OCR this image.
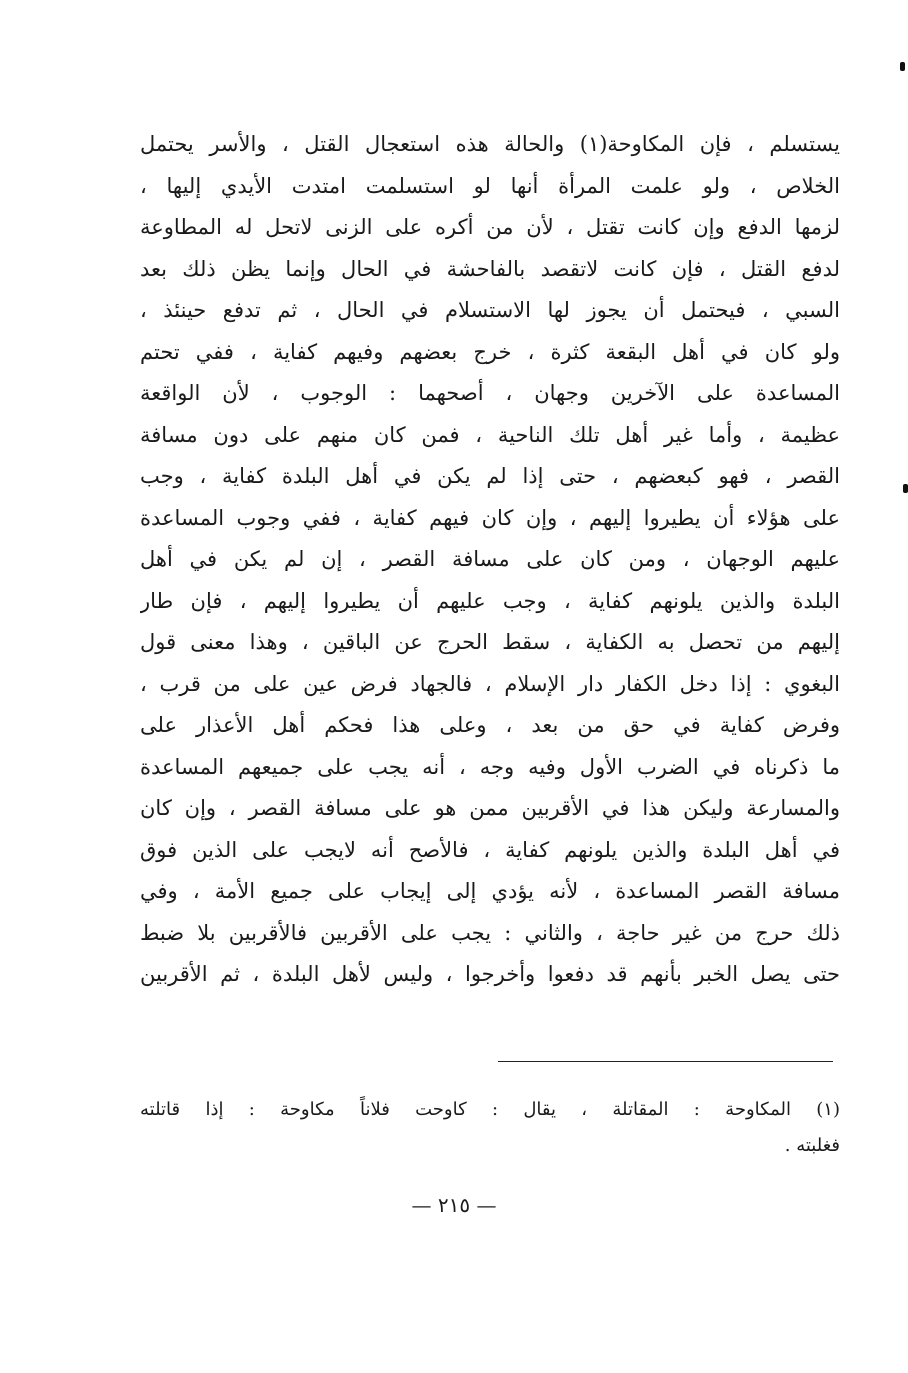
يستسلم ، فإن المكاوحة(١) والحالة هذه استعجال القتل ، والأسر يحتمل
الخلاص ، ولو علمت المرأة أنها لو استسلمت امتدت الأيدي إليها ،
لزمها الدفع وإن كانت تقتل ، لأن من أكره على الزنى لاتحل له المطاوعة
لدفع القتل ، فإن كانت لاتقصد بالفاحشة في الحال وإنما يظن ذلك بعد
السبي ، فيحتمل أن يجوز لها الاستسلام في الحال ، ثم تدفع حينئذ ،
ولو كان في أهل البقعة كثرة ، خرج بعضهم وفيهم كفاية ، ففي تحتم
المساعدة على الآخرين وجهان ، أصحهما : الوجوب ، لأن الواقعة
عظيمة ، وأما غير أهل تلك الناحية ، فمن كان منهم على دون مسافة
القصر ، فهو كبعضهم ، حتى إذا لم يكن في أهل البلدة كفاية ، وجب
على هؤلاء أن يطيروا إليهم ، وإن كان فيهم كفاية ، ففي وجوب المساعدة
عليهم الوجهان ، ومن كان على مسافة القصر ، إن لم يكن في أهل
البلدة والذين يلونهم كفاية ، وجب عليهم أن يطيروا إليهم ، فإن طار
إليهم من تحصل به الكفاية ، سقط الحرج عن الباقين ، وهذا معنى قول
البغوي : إذا دخل الكفار دار الإسلام ، فالجهاد فرض عين على من قرب ،
وفرض كفاية في حق من بعد ، وعلى هذا فحكم أهل الأعذار على
ما ذكرناه في الضرب الأول وفيه وجه ، أنه يجب على جميعهم المساعدة
والمسارعة وليكن هذا في الأقربين ممن هو على مسافة القصر ، وإن كان
في أهل البلدة والذين يلونهم كفاية ، فالأصح أنه لايجب على الذين فوق
مسافة القصر المساعدة ، لأنه يؤدي إلى إيجاب على جميع الأمة ، وفي
ذلك حرج من غير حاجة ، والثاني : يجب على الأقربين فالأقربين بلا ضبط
حتى يصل الخبر بأنهم قد دفعوا وأخرجوا ، وليس لأهل البلدة ، ثم الأقربين
(١) المكاوحة : المقاتلة ، يقال : كاوحت فلاناً مكاوحة : إذا قاتلته
فغلبته .
— ٢١٥ —
